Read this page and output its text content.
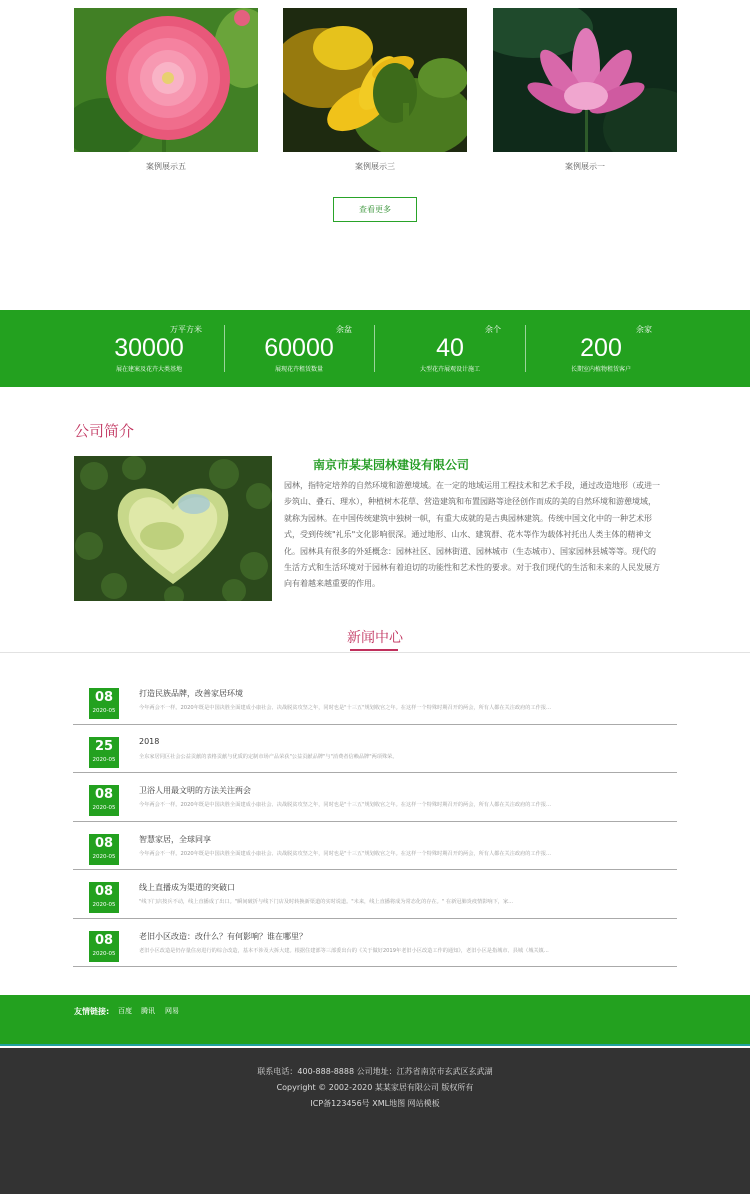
案例展示五	案例展示三	案例展示一
查看更多
万平方米
30000
展在建案及花卉大类基地
余盆
60000
展现花卉租赁数量
余个
40
大型花卉展观设计施工
余家
200
长期室内植物租赁客户
公司简介
南京市某某园林建设有限公司
园林，指特定培养的自然环境和游憩境域。在一定的地域运用工程技术和艺术手段，通过改造地形（或进一步筑山、叠石、理水），种植树木花草、营造建筑和布置园路等途径创作而成的美的自然环境和游憩境域，就称为园林。在中国传统建筑中独树一帜，有重大成就的是古典园林建筑。传统中国文化中的一种艺术形式，受到传统"礼乐"文化影响很深。通过地形、山水、建筑群、花木等作为载体衬托出人类主体的精神文化。园林具有很多的外延概念：园林社区、园林街道、园林城市（生态城市）、国家园林县城等等。现代的生活方式和生活环境对于园林有着迫切的功能性和艺术性的要求。对于我们现代的生活和未来的人民发展方向有着越来越重要的作用。
新闻中心
08
2020-05
打造民族品牌，改善家居环境
今年两会不一样。2020年既是中国决胜全面建成小康社会、决战脱贫攻坚之年，同时也是"十三五"规划收官之年。在这样一个特殊时期召开的两会，所有人都在关注政府的工作报...
25
2020-05
2018
全东家居同区社会公益贡献的表格贡献与优质的定制市场产品荣获"公益贡献品牌"与"消费者信赖品牌"两项殊荣。
08
2020-05
卫浴人用最文明的方法关注两会
今年两会不一样。2020年既是中国决胜全面建成小康社会、决战脱贫攻坚之年，同时也是"十三五"规划收官之年。在这样一个特殊时期召开的两会，所有人都在关注政府的工作报...
08
2020-05
智慧家居，全球同享
今年两会不一样。2020年既是中国决胜全面建成小康社会、决战脱贫攻坚之年，同时也是"十三五"规划收官之年。在这样一个特殊时期召开的两会，所有人都在关注政府的工作报...
08
2020-05
线上直播成为渠道的突破口
"线下门店按兵不动，线上直播成了出口。"瞬间破折与线下门店及时转换新渠道的实时说道。"未来，线上直播将成为常态化的存在。" 在新冠肺炎疫情影响下，家...
08
2020-05
老旧小区改造：改什么？有何影响？谁在哪里？
老旧小区改造是仍存量住房进行的综合改造，基本不涉及大拆大建。根据住建部等三部委出台的《关于做好2019年老旧小区改造工作的通知》，老旧小区是指城市、县城（城关镇...
友情链接: 百度 腾讯 网易
联系电话：400-888-8888 公司地址：江苏省南京市玄武区玄武湖
Copyright © 2002-2020 某某家居有限公司 版权所有
ICP备123456号 XML地图 网站模板
